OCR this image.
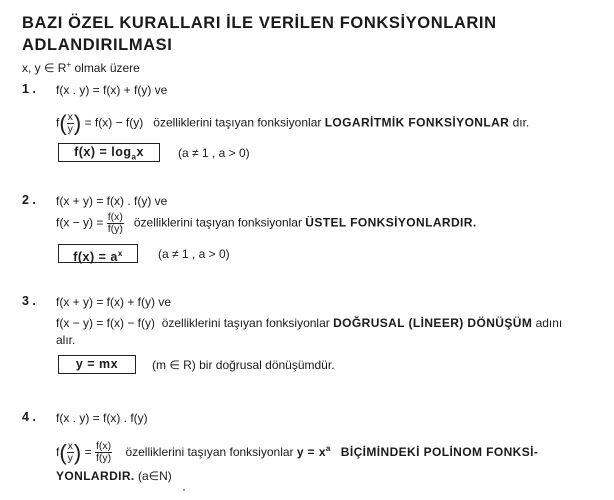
BAZI ÖZEL KURALLARI İLE VERİLEN FONKSİYONLARIN ADLANDIRILMASI
x, y ∈ R+ olmak üzere
1 . f(x . y) = f(x) + f(y) ve
$f( \frac{x}{y}$ ) = f(x) − f(y) özelliklerini taşıyan fonksiyonlar LOGARİTMİK FONKSİYONLAR dır.
$f(x) = \log_ax$	(a ≠ 1 , a > 0)
2 . f(x + y) = f(x) . f(y) ve
$f(x - y) = \frac{f(x)}{f(y)}$ özelliklerini taşıyan fonksiyonlar ÜSTEL FONKSİYONLARDIR.
$f(x) = a^x$	(a ≠ 1 , a > 0)
3 . f(x + y) = f(x) + f(y) ve
f(x − y) = f(x) − f(y) özelliklerini taşıyan fonksiyonlar DOĞRUSAL (LİNEER) DÖNÜŞÜM adını
alır.
y = mx	(m ∈ R) bir doğrusal dönüşümdür.
4 . f(x . y) = f(x) . f(y)
$f( \frac{x}{y}$ ) = $\frac{f(x)}{f(y)}$ özelliklerini taşıyan fonksiyonlar $y = x^a$ BİÇİMİNDEKİ POLİNOM FONKSİ-
YONLARDIR. (a∈N)
